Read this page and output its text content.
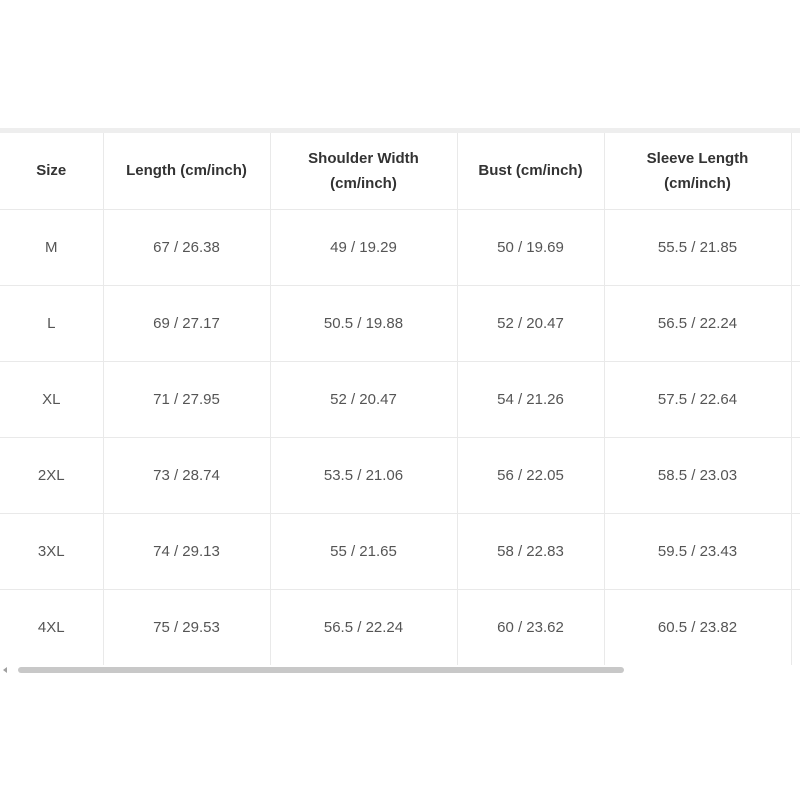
Size	Length (cm/inch)	Shoulder Width (cm/inch)	Bust (cm/inch)	Sleeve Length (cm/inch)	
M	67 / 26.38	49 / 19.29	50 / 19.69	55.5 / 21.85	
L	69 / 27.17	50.5 / 19.88	52 / 20.47	56.5 / 22.24	
XL	71 / 27.95	52 / 20.47	54 / 21.26	57.5 / 22.64	
2XL	73 / 28.74	53.5 / 21.06	56 / 22.05	58.5 / 23.03	
3XL	74 / 29.13	55 / 21.65	58 / 22.83	59.5 / 23.43	
4XL	75 / 29.53	56.5 / 22.24	60 / 23.62	60.5 / 23.82	
